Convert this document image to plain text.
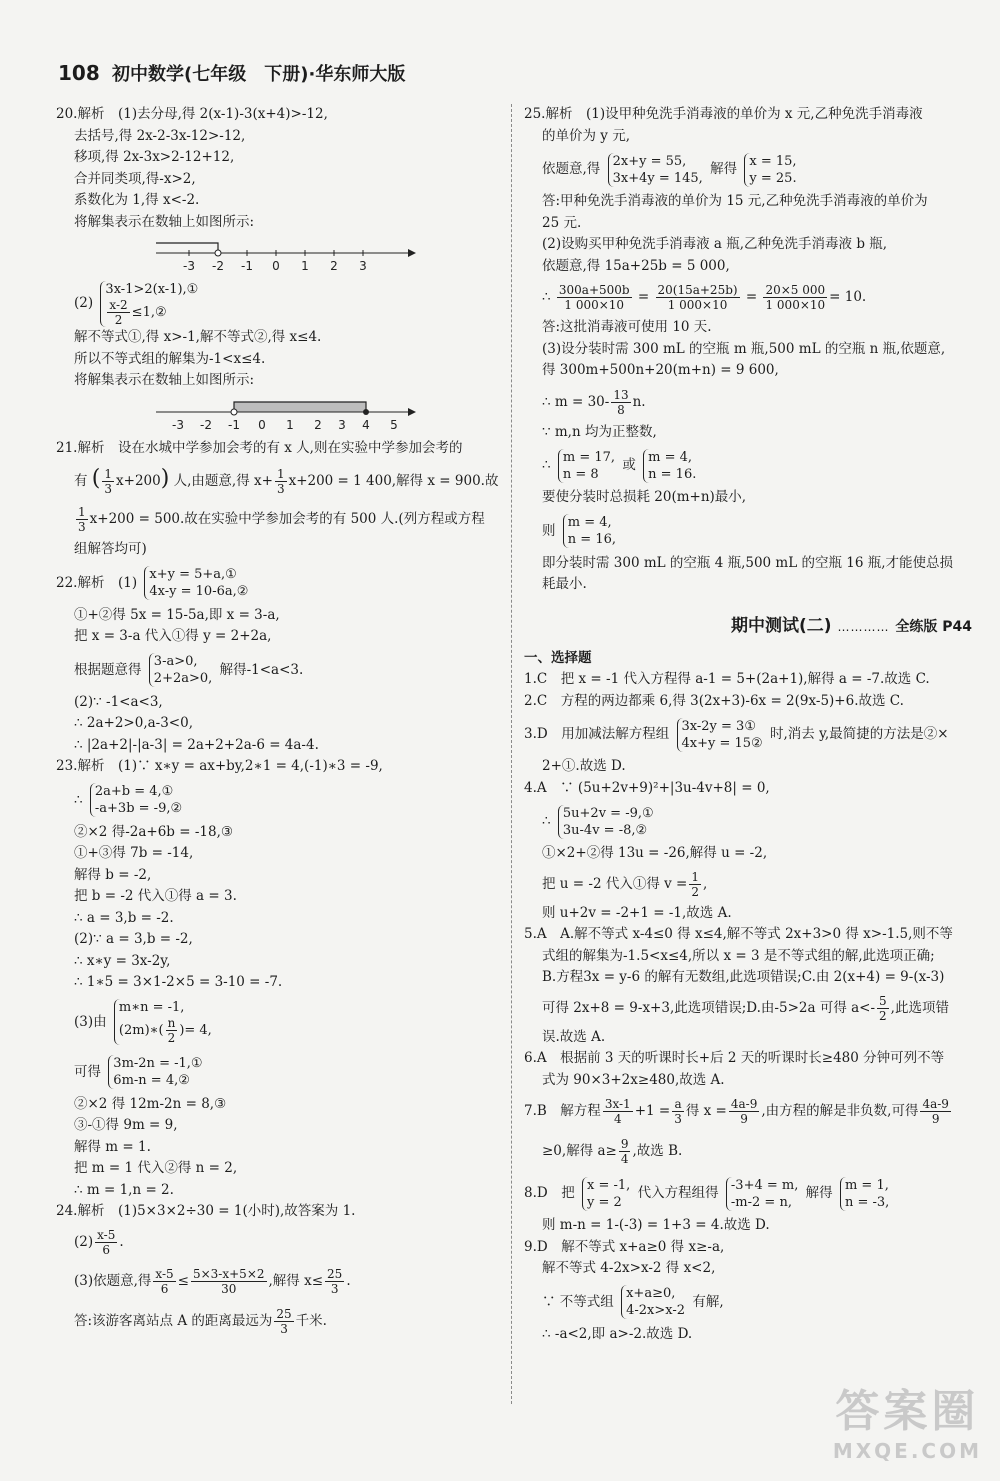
108 初中数学(七年级　下册)·华东师大版
20.解析　(1)去分母,得 2(x-1)-3(x+4)>-12,
去括号,得 2x-2-3x-12>-12,
移项,得 2x-3x>2-12+12,
合并同类项,得-x>2,
系数化为 1,得 x<-2.
将解集表示在数轴上如图所示:
-3 -2 -1 0 1 2 3
(2)
3x-1>2(x-1),①
$\frac{x-2}{2}$ ≤1,②
解不等式①,得 x>-1,解不等式②,得 x≤4.
所以不等式组的解集为-1<x≤4.
将解集表示在数轴上如图所示:
-3 -2 -1 0 1 2 3 4 5
21.解析　设在水城中学参加会考的有 x 人,则在实验中学参加会考的
有 ( $\frac{1}{3} x+200$) 人,由题意,得 $x+ \frac{1}{3} x+200 = 1$ 400,解得 x = 900.故
$\frac{1}{3} x+200 = 500$.故在实验中学参加会考的有 500 人.(列方程或方程
组解答均可)
22.解析　(1) x+y = 5+a,①
4x-y = 10-6a,②
①+②得 5x = 15-5a,即 x = 3-a,
把 x = 3-a 代入①得 y = 2+2a,
根据题意得 3-a>0,
2+2a>0,
解得-1<a<3.
(2)∵ -1<a<3,
∴ 2a+2>0,a-3<0,
∴ |2a+2|-|a-3| = 2a+2+2a-6 = 4a-4.
23.解析　(1)∵ x∗y = ax+by,2∗1 = 4,(-1)∗3 = -9,
∴ 2a+b = 4,①
-a+3b = -9,②
②×2 得-2a+6b = -18,③
①+③得 7b = -14,
解得 b = -2,
把 b = -2 代入①得 a = 3.
∴ a = 3,b = -2.
(2)∵ a = 3,b = -2,
∴ x∗y = 3x-2y,
∴ 1∗5 = 3×1-2×5 = 3-10 = -7.
(3)由
m∗n = -1,
(2m)∗( $\frac{n}{2}$ )= 4,
可得 3m-2n = -1,①
6m-n = 4,②
②×2 得 12m-2n = 8,③
③-①得 9m = 9,
解得 m = 1.
把 m = 1 代入②得 n = 2,
∴ m = 1,n = 2.
24.解析　(1)5×3×2÷30 = 1(小时),故答案为 1.
$(2) \frac{x-5}{6}$ .
(3)依题意,得 $\frac{x-5}{6} \le \frac{5\times 3-x+5\times 2}{30}$ ,解得 $x\le \frac{25}{3}$ .
答:该游客离站点 A 的距离最远为 $\frac{25}{3}$ 千米.
25.解析　(1)设甲种免洗手消毒液的单价为 x 元,乙种免洗手消毒液
的单价为 y 元,
依题意,得 2x+y = 55,
3x+4y = 145,
解得 x = 15,
y = 25.
答:甲种免洗手消毒液的单价为 15 元,乙种免洗手消毒液的单价为
25 元.
(2)设购买甲种免洗手消毒液 a 瓶,乙种免洗手消毒液 b 瓶,
依题意,得 15a+25b = 5 000,
∴ $\frac{300a+500b}{1 000\times 10} = \frac{20(15a+25b)}{1 000\times 10} = \frac{20\times 5 000}{1 000\times 10} = 10$.
答:这批消毒液可使用 10 天.
(3)设分装时需 300 mL 的空瓶 m 瓶,500 mL 的空瓶 n 瓶,依题意,
得 300m+500n+20(m+n) = 9 600,
∴ $m = 30- \frac{13}{8} n$.
∵ m,n 均为正整数,
∴ m = 17,
n = 8
或 m = 4,
n = 16.
要使分装时总损耗 20(m+n)最小,
则 m = 4,
n = 16,
即分装时需 300 mL 的空瓶 4 瓶,500 mL 的空瓶 16 瓶,才能使总损
耗最小.
期中测试(二) ………… 全练版 P44
一、选择题
1.C　把 x = -1 代入方程得 a-1 = 5+(2a+1),解得 a = -7.故选 C.
2.C　方程的两边都乘 6,得 3(2x+3)-6x = 2(9x-5)+6.故选 C.
3.D　用加减法解方程组 3x-2y = 3①
4x+y = 15②
时,消去 y,最简捷的方法是②×
2+①.故选 D.
4.A　∵ (5u+2v+9)²+|3u-4v+8| = 0,
∴ 5u+2v = -9,①
3u-4v = -8,②
①×2+②得 13u = -26,解得 u = -2,
把 u = -2 代入①得 $v = \frac{1}{2}$ ,
则 u+2v = -2+1 = -1,故选 A.
5.A　A.解不等式 x-4≤0 得 x≤4,解不等式 2x+3>0 得 x>-1.5,则不等
式组的解集为-1.5<x≤4,所以 x = 3 是不等式组的解,此选项正确;
B.方程3x = y-6 的解有无数组,此选项错误;C.由 2(x+4) = 9-(x-3)
可得 2x+8 = 9-x+3,此选项错误;D.由-5>2a 可得 $a<- \frac{5}{2}$ ,此选项错
误.故选 A.
6.A　根据前 3 天的听课时长+后 2 天的听课时长≥480 分钟可列不等
式为 90×3+2x≥480,故选 A.
7.B　解方程 $\frac{3x-1}{4} +1 = \frac{a}{3}$ 得 $x = \frac{4a-9}{9}$ ,由方程的解是非负数,可得 $\frac{4a-9}{9}$
≥0,解得 $a\ge \frac{9}{4}$ ,故选 B.
8.D　把 x = -1,
y = 2
代入方程组得 -3+4 = m,
-m-2 = n,
解得 m = 1,
n = -3,
则 m-n = 1-(-3) = 1+3 = 4.故选 D.
9.D　解不等式 x+a≥0 得 x≥-a,
解不等式 4-2x>x-2 得 x<2,
∵ 不等式组 x+a≥0,
4-2x>x-2
有解,
∴ -a<2,即 a>-2.故选 D.
答案圈
MXQE.COM
